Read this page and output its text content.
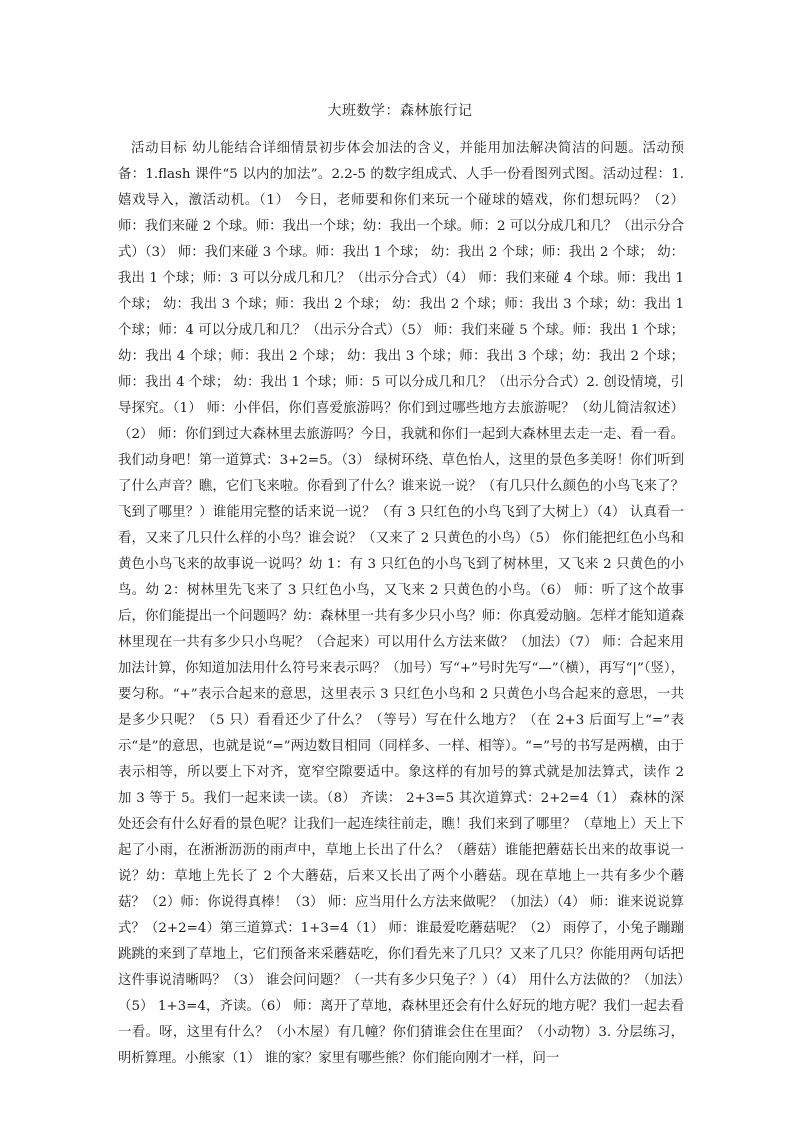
大班数学：森林旅行记

活动目标 幼儿能结合详细情景初步体会加法的含义，并能用加法解决简洁的问题。活动预备：1.flash 课件“5 以内的加法”。2.2-5 的数字组成式、人手一份看图列式图。活动过程：1. 嬉戏导入，激活动机。（1） 今日，老师要和你们来玩一个碰球的嬉戏，你们想玩吗？（2） 师：我们来碰 2 个球。师：我出一个球；幼：我出一个球。师：2 可以分成几和几？（出示分合式）（3） 师：我们来碰 3 个球。师：我出 1 个球； 幼：我出 2 个球；师：我出 2 个球； 幼：我出 1 个球；师：3 可以分成几和几？（出示分合式）（4） 师：我们来碰 4 个球。师：我出 1 个球； 幼：我出 3 个球；师：我出 2 个球； 幼：我出 2 个球；师：我出 3 个球；幼：我出 1 个球；师：4 可以分成几和几？（出示分合式）（5） 师：我们来碰 5 个球。师：我出 1 个球； 幼：我出 4 个球；师：我出 2 个球； 幼：我出 3 个球；师：我出 3 个球；幼：我出 2 个球；师：我出 4 个球； 幼：我出 1 个球；师：5 可以分成几和几？（出示分合式）2. 创设情境，引导探究。（1） 师：小伴侣，你们喜爱旅游吗？你们到过哪些地方去旅游呢？（幼儿简洁叙述）（2） 师：你们到过大森林里去旅游吗？今日，我就和你们一起到大森林里去走一走、看一看。我们动身吧！第一道算式：3+2=5。（3） 绿树环绕、草色怡人，这里的景色多美呀！你们听到了什么声音？瞧，它们飞来啦。你看到了什么？谁来说一说？（有几只什么颜色的小鸟飞来了？飞到了哪里？）谁能用完整的话来说一说？（有 3 只红色的小鸟飞到了大树上）（4） 认真看一看，又来了几只什么样的小鸟？谁会说？（又来了 2 只黄色的小鸟）（5） 你们能把红色小鸟和黄色小鸟飞来的故事说一说吗？幼 1：有 3 只红色的小鸟飞到了树林里，又飞来 2 只黄色的小鸟。幼 2：树林里先飞来了 3 只红色小鸟，又飞来 2 只黄色的小鸟。（6） 师：听了这个故事后，你们能提出一个问题吗？幼：森林里一共有多少只小鸟？师：你真爱动脑。怎样才能知道森林里现在一共有多少只小鸟呢？（合起来）可以用什么方法来做？（加法）（7） 师：合起来用加法计算，你知道加法用什么符号来表示吗？（加号）写“+”号时先写“—”（横），再写“|”（竖），要匀称。“+”表示合起来的意思，这里表示 3 只红色小鸟和 2 只黄色小鸟合起来的意思，一共是多少只呢？（5 只）看看还少了什么？（等号）写在什么地方？（在 2+3 后面写上“=”表示“是”的意思，也就是说“=”两边数目相同（同样多、一样、相等）。“=”号的书写是两横，由于表示相等，所以要上下对齐，宽窄空隙要适中。象这样的有加号的算式就是加法算式，读作 2 加 3 等于 5。我们一起来读一读。（8） 齐读： 2+3=5 其次道算式：2+2=4（1） 森林的深处还会有什么好看的景色呢？让我们一起连续往前走，瞧！我们来到了哪里？（草地上）天上下起了小雨，在淅淅沥沥的雨声中，草地上长出了什么？（蘑菇）谁能把蘑菇长出来的故事说一说？幼：草地上先长了 2 个大蘑菇，后来又长出了两个小蘑菇。现在草地上一共有多少个蘑菇？（2）师：你说得真棒！（3） 师：应当用什么方法来做呢？（加法）（4） 师：谁来说说算式？（2+2=4）第三道算式：1+3=4（1） 师：谁最爱吃蘑菇呢？（2） 雨停了，小兔子蹦蹦跳跳的来到了草地上，它们预备来采蘑菇吃，你们看先来了几只？又来了几只？你能用两句话把这件事说清晰吗？（3） 谁会问问题？（一共有多少只兔子？）（4） 用什么方法做的？（加法）（5） 1+3=4，齐读。（6） 师：离开了草地，森林里还会有什么好玩的地方呢？我们一起去看一看。呀，这里有什么？（小木屋）有几幢？你们猜谁会住在里面？（小动物）3. 分层练习，明析算理。小熊家（1） 谁的家？家里有哪些熊？你们能向刚才一样，问一
